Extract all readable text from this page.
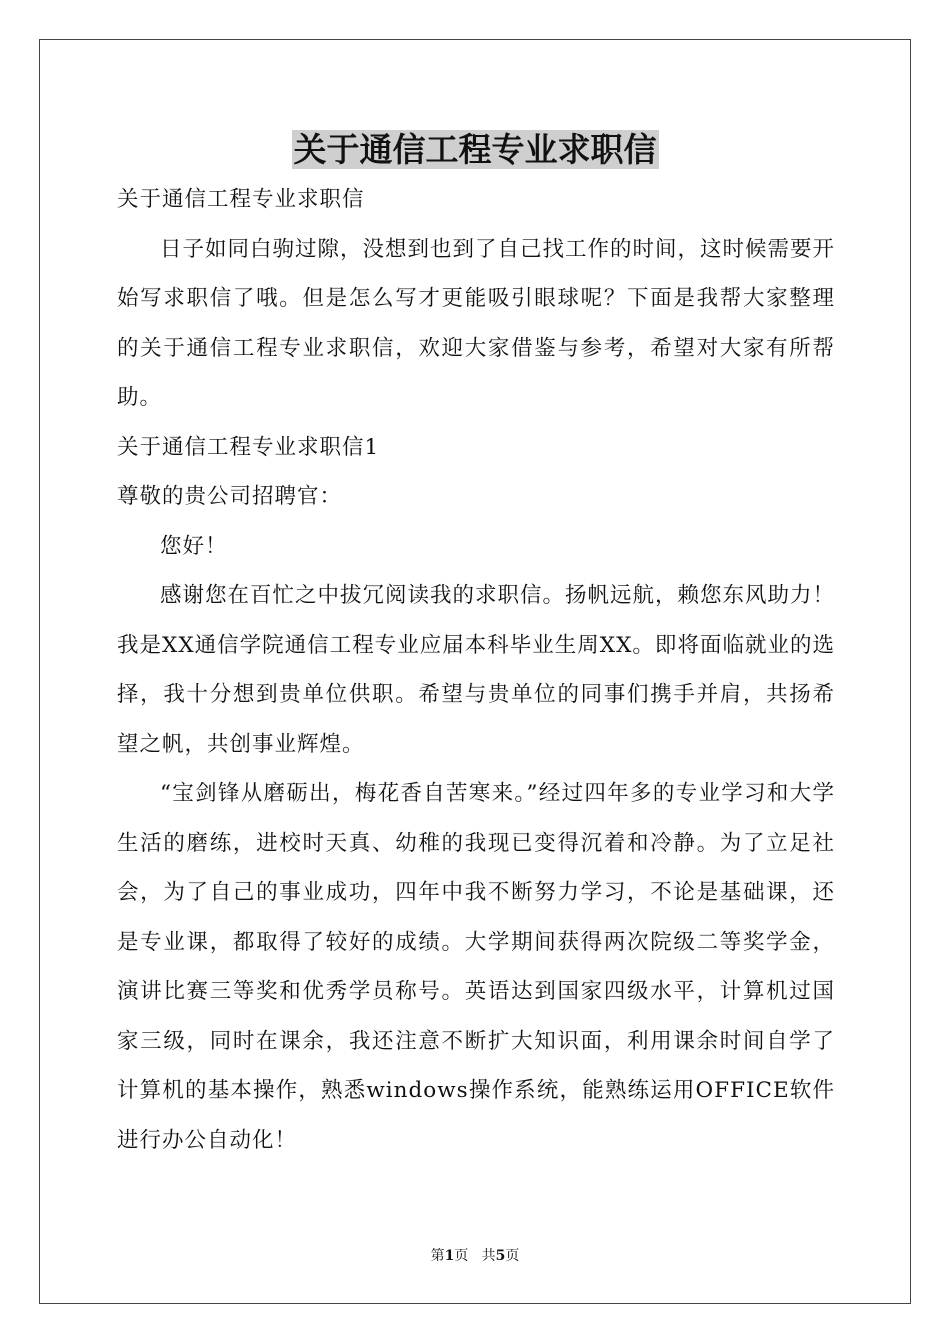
关于通信工程专业求职信

关于通信工程专业求职信

日子如同白驹过隙，没想到也到了自己找工作的时间，这时候需要开始写求职信了哦。但是怎么写才更能吸引眼球呢？下面是我帮大家整理的关于通信工程专业求职信，欢迎大家借鉴与参考，希望对大家有所帮助。

关于通信工程专业求职信1

尊敬的贵公司招聘官：

您好！

感谢您在百忙之中拔冗阅读我的求职信。扬帆远航，赖您东风助力！我是XX通信学院通信工程专业应届本科毕业生周XX。即将面临就业的选择，我十分想到贵单位供职。希望与贵单位的同事们携手并肩，共扬希望之帆，共创事业辉煌。

“宝剑锋从磨砺出，梅花香自苦寒来。”经过四年多的专业学习和大学生活的磨练，进校时天真、幼稚的我现已变得沉着和冷静。为了立足社会，为了自己的事业成功，四年中我不断努力学习，不论是基础课，还是专业课，都取得了较好的成绩。大学期间获得两次院级二等奖学金，演讲比赛三等奖和优秀学员称号。英语达到国家四级水平，计算机过国家三级，同时在课余，我还注意不断扩大知识面，利用课余时间自学了计算机的基本操作，熟悉windows操作系统，能熟练运用OFFICE软件进行办公自动化！

第1页 共5页
